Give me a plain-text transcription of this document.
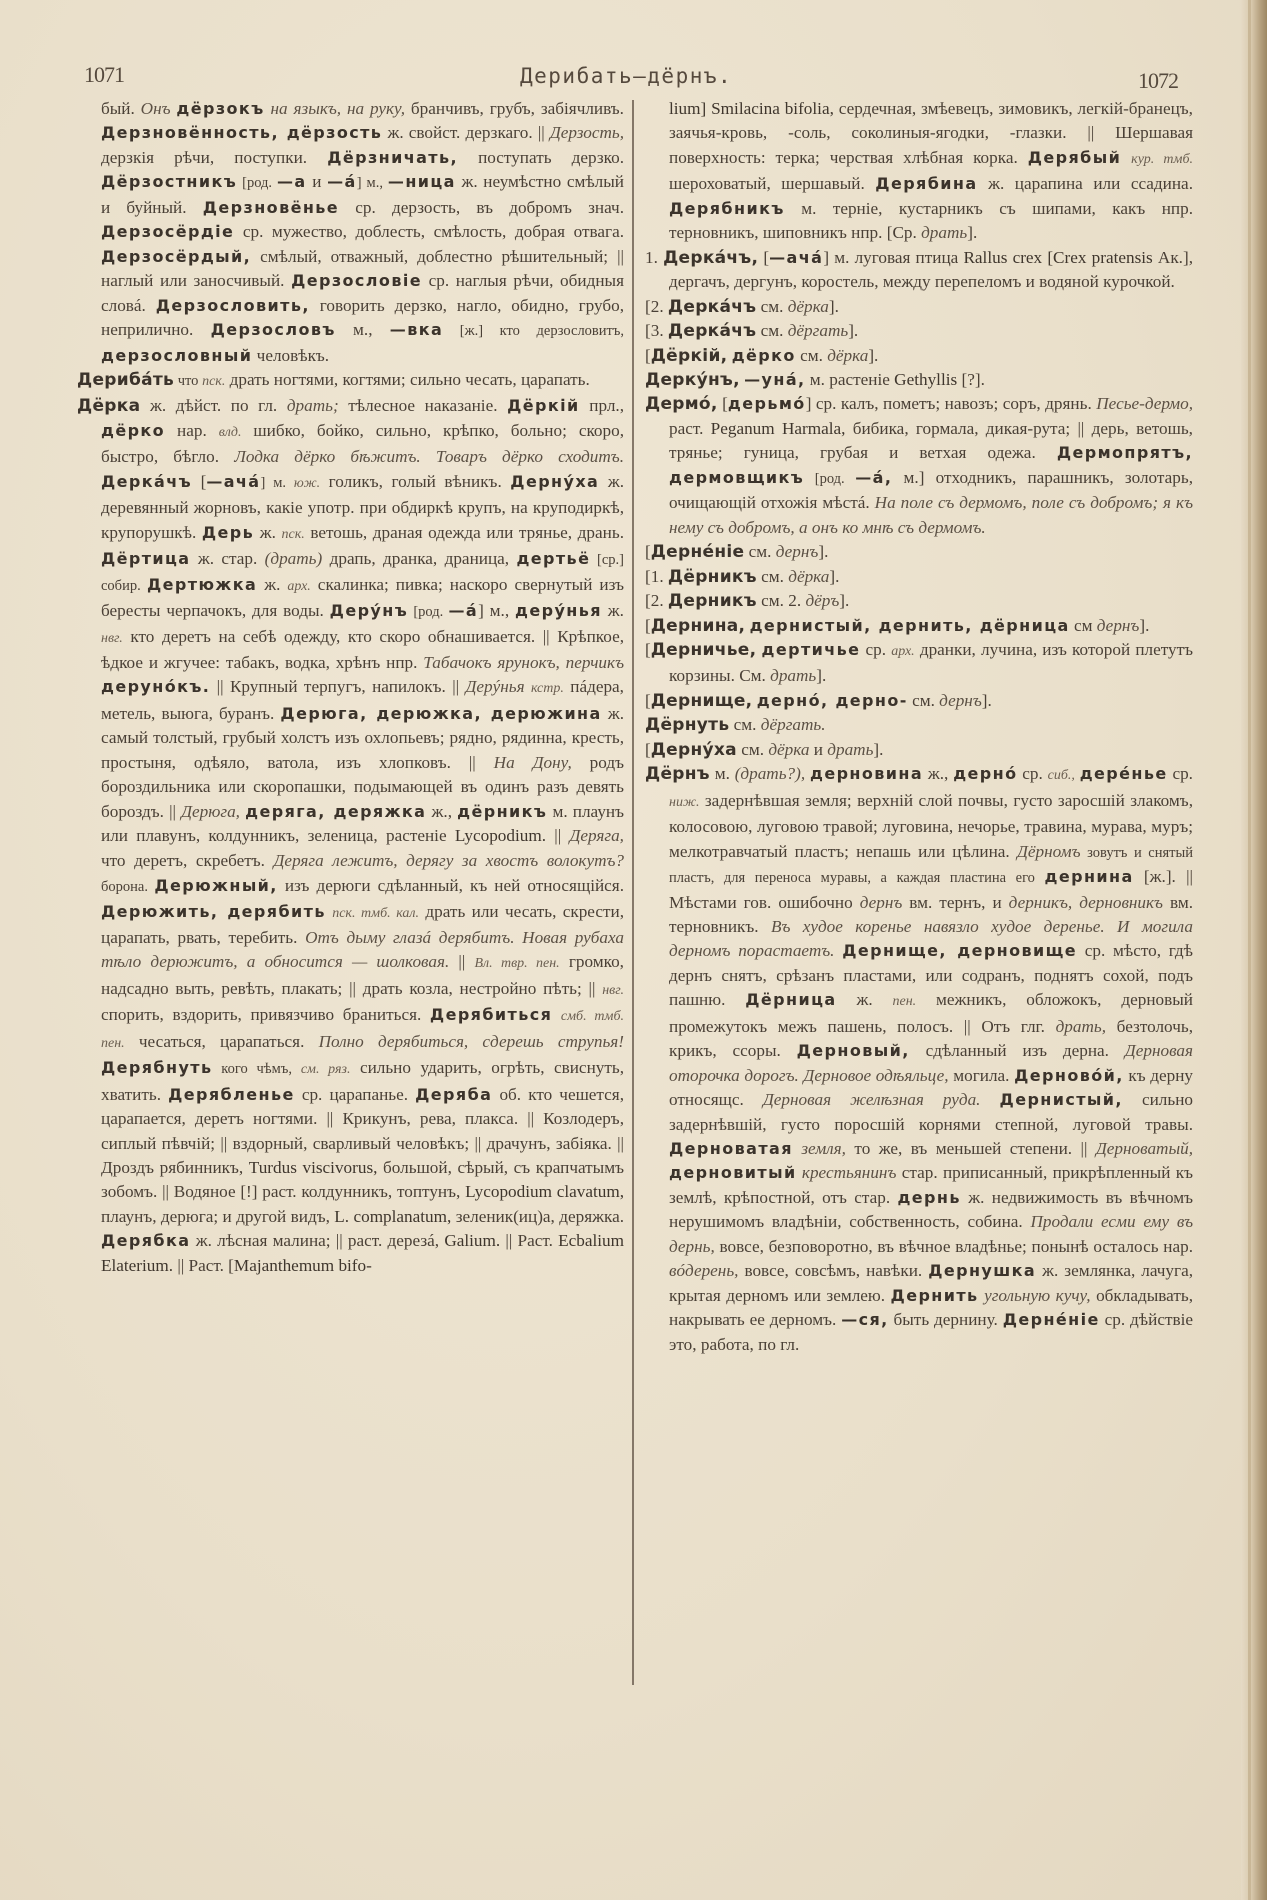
1071	Дерибать—дёрнъ.	1072

бый. Онъ дёрзокъ на языкъ, на руку, бранчивъ, грубъ, забіячливъ. Дерзновённость, дёрзость ж. свойст. дерзкаго. || Дерзость, дерзкія рѣчи, поступки. Дёрзничать, поступать дерзко. Дёрзостникъ [род. —а и —á] м., —ница ж. неумѣстно смѣлый и буйный. Дерзновёнье ср. дерзость, въ добромъ знач. Дерзосёрдіе ср. мужество, доблесть, смѣлость, добрая отвага. Дерзосёрдый, смѣлый, отважный, доблестно рѣшительный; || наглый или заносчивый. Дерзословіе ср. наглыя рѣчи, обидныя словá. Дерзословить, говорить дерзко, нагло, обидно, грубо, неприлично. Дерзословъ м., —вка [ж.] кто дерзословитъ, дерзословный человѣкъ.

Дерибáть что пск. драть ногтями, когтями; сильно чесать, царапать.

Дёрка ж. дѣйст. по гл. драть; тѣлесное наказаніе. Дёркій прл., дёрко нар. влд. шибко, бойко, сильно, крѣпко, больно; скоро, быстро, бѣгло. Лодка дёрко бѣжитъ. Товаръ дёрко сходитъ. Деркáчъ [—ачá] м. юж. голикъ, голый вѣникъ. Дернýха ж. деревянный жорновъ, какіе употр. при обдиркѣ крупъ, на круподиркѣ, крупорушкѣ. Дерь ж. пск. ветошь, драная одежда или трянье, дрань. Дёртица ж. стар. (драть) драпь, дранка, драница, дертьё [ср.] собир. Дертюжка ж. арх. скалинка; пивка; наскоро свернутый изъ бересты черпачокъ, для воды. Дерýнъ [род. —á] м., дерýнья ж. нвг. кто деретъ на себѣ одежду, кто скоро обнашивается. || Крѣпкое, ѣдкое и жгучее: табакъ, водка, хрѣнъ нпр. Табачокъ ярунокъ, перчикъ дерунóкъ. || Крупный терпугъ, напилокъ. || Дерýнья кстр. пáдера, метель, выюга, буранъ. Дерюга, дерюжка, дерюжина ж. самый толстый, грубый холстъ изъ охлопьевъ; рядно, рядинна, кресть, простыня, одѣяло, ватола, изъ хлопковъ. || На Дону, родъ бороздильника или скоропашки, подымающей въ одинъ разъ девять бороздъ. || Дерюга, деряга, деряжка ж., дёрникъ м. плаунъ или плавунъ, колдунникъ, зеленица, растеніе Lycopodium. || Деряга, что деретъ, скребетъ. Деряга лежитъ, дерягу за хвостъ волокутъ? борона. Дерюжный, изъ дерюги сдѣланный, къ ней относящійся. Дерюжить, дерябить пск. тмб. кал. драть или чесать, скрести, царапать, рвать, теребить. Отъ дыму глазá дерябитъ. Новая рубаха тѣло дерюжитъ, а обносится — шолковая. || Вл. твр. пен. громко, надсадно выть, ревѣть, плакать; || драть козла, нестройно пѣть; || нвг. спорить, вздорить, привязчиво браниться. Дерябиться смб. тмб. пен. чесаться, царапаться. Полно дерябиться, сдерешь струпья! Дерябнуть кого чѣмъ, см. ряз. сильно ударить, огрѣть, свиснуть, хватить. Дерябленье ср. царапанье. Деряба об. кто чешется, царапается, деретъ ногтями. || Крикунъ, рева, плакса. || Козлодеръ, сиплый пѣвчій; || вздорный, сварливый человѣкъ; || драчунъ, забіяка. || Дроздъ рябинникъ, Turdus viscivorus, большой, сѣрый, съ крапчатымъ зобомъ. || Водяное [!] раст. колдунникъ, топтунъ, Lycopodium clavatum, плаунъ, дерюга; и другой видъ, L. complanatum, зеленик(иц)а, деряжка. Дерябка ж. лѣсная малина; || раст. дерезá, Galium. || Раст. Ecbalium Elaterium. || Раст. [Majanthemum bifo-

lium] Smilacina bifolia, сердечная, змѣевецъ, зимовикъ, легкій-бранецъ, заячья-кровь, -соль, соколиныя-ягодки, -глазки. || Шершавая поверхность: терка; черствая хлѣбная корка. Дерябый кур. тмб. шероховатый, шершавый. Дерябина ж. царапина или ссадина. Дерябникъ м. терніе, кустарникъ съ шипами, какъ нпр. терновникъ, шиповникъ нпр. [Ср. драть].

1. Деркáчъ, [—ачá] м. луговая птица Rallus crex [Crex pratensis Ак.], дергачъ, дергунъ, коростель, между перепеломъ и водяной курочкой.

[2. Деркáчъ см. дёрка].

[3. Деркáчъ см. дёргать].

[Дёркій, дёрко см. дёрка].

Деркýнъ, —унá, м. растеніе Gethyllis [?].

Дермó, [дерьмó] ср. калъ, пометъ; навозъ; соръ, дрянь. Песье-дермо, раст. Peganum Harmala, бибика, гормала, дикая-рута; || дерь, ветошь, трянье; гуница, грубая и ветхая одежа. Дермопрятъ, дермовщикъ [род. —á, м.] отходникъ, парашникъ, золотарь, очищающій отхожія мѣстá. На поле съ дермомъ, поле съ добромъ; я къ нему съ добромъ, а онъ ко мнѣ съ дермомъ.

[Дернéніе см. дернъ].

[1. Дёрникъ см. дёрка].

[2. Дерникъ см. 2. дёръ].

[Дернина, дернистый, дернить, дёрница см дернъ].

[Дерничье, дертичье ср. арх. дранки, лучина, изъ которой плетутъ корзины. См. драть].

[Дернище, дернó, дерно- см. дернъ].

Дёрнуть см. дёргать.

[Дернýха см. дёрка и драть].

Дёрнъ м. (драть?), дерновина ж., дернó ср. сиб., дерéнье ср. ниж. задернѣвшая земля; верхній слой почвы, густо заросшій злакомъ, колосовою, луговою травой; луговина, нечорье, травина, мурава, муръ; мелкотравчатый пластъ; непашь или цѣлина. Дёрномъ зовутъ и снятый пластъ, для переноса муравы, а каждая пластина его дернина [ж.]. || Мѣстами гов. ошибочно дернъ вм. тернъ, и дерникъ, дерновникъ вм. терновникъ. Въ худое коренье навязло худое деренье. И могила дерномъ порастаетъ. Дернище, дерновище ср. мѣсто, гдѣ дернъ снятъ, срѣзанъ пластами, или содранъ, поднятъ сохой, подъ пашню. Дёрница ж. пен. межникъ, обложокъ, дерновый промежутокъ межъ пашень, полосъ. || Отъ глг. драть, безтолочь, крикъ, ссоры. Дерновый, сдѣланный изъ дерна. Дерновая оторочка дорогъ. Дерновое одѣяльце, могила. Дерновóй, къ дерну относящс. Дерновая желѣзная руда. Дернистый, сильно задернѣвшій, густо поросшій корнями степной, луговой травы. Дерноватая земля, то же, въ меньшей степени. || Дерноватый, дерновитый крестьянинъ стар. приписанный, прикрѣпленный къ землѣ, крѣпостной, отъ стар. дернь ж. недвижимость въ вѣчномъ нерушимомъ владѣніи, собственность, собина. Продали есми ему въ дернь, вовсе, безповоротно, въ вѣчное владѣнье; понынѣ осталось нар. вóдерень, вовсе, совсѣмъ, навѣки. Дернушка ж. землянка, лачуга, крытая дерномъ или землею. Дернить угольную кучу, обкладывать, накрывать ее дерномъ. —ся, быть дернину. Дернéніе ср. дѣйствіе это, работа, по гл.
